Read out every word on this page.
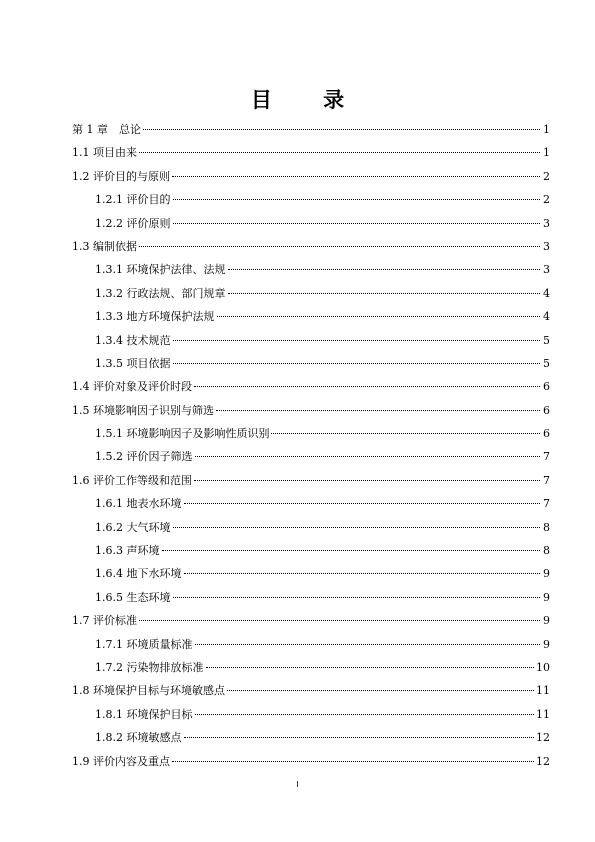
目 录
第 1 章　总论	1
1.1 项目由来	1
1.2 评价目的与原则	2
1.2.1 评价目的	2
1.2.2 评价原则	3
1.3 编制依据	3
1.3.1 环境保护法律、法规	3
1.3.2 行政法规、部门规章	4
1.3.3 地方环境保护法规	4
1.3.4 技术规范	5
1.3.5 项目依据	5
1.4 评价对象及评价时段	6
1.5 环境影响因子识别与筛选	6
1.5.1 环境影响因子及影响性质识别	6
1.5.2 评价因子筛选	7
1.6 评价工作等级和范围	7
1.6.1 地表水环境	7
1.6.2 大气环境	8
1.6.3 声环境	8
1.6.4 地下水环境	9
1.6.5 生态环境	9
1.7 评价标准	9
1.7.1 环境质量标准	9
1.7.2 污染物排放标准	10
1.8 环境保护目标与环境敏感点	11
1.8.1 环境保护目标	11
1.8.2 环境敏感点	12
1.9 评价内容及重点	12
I
